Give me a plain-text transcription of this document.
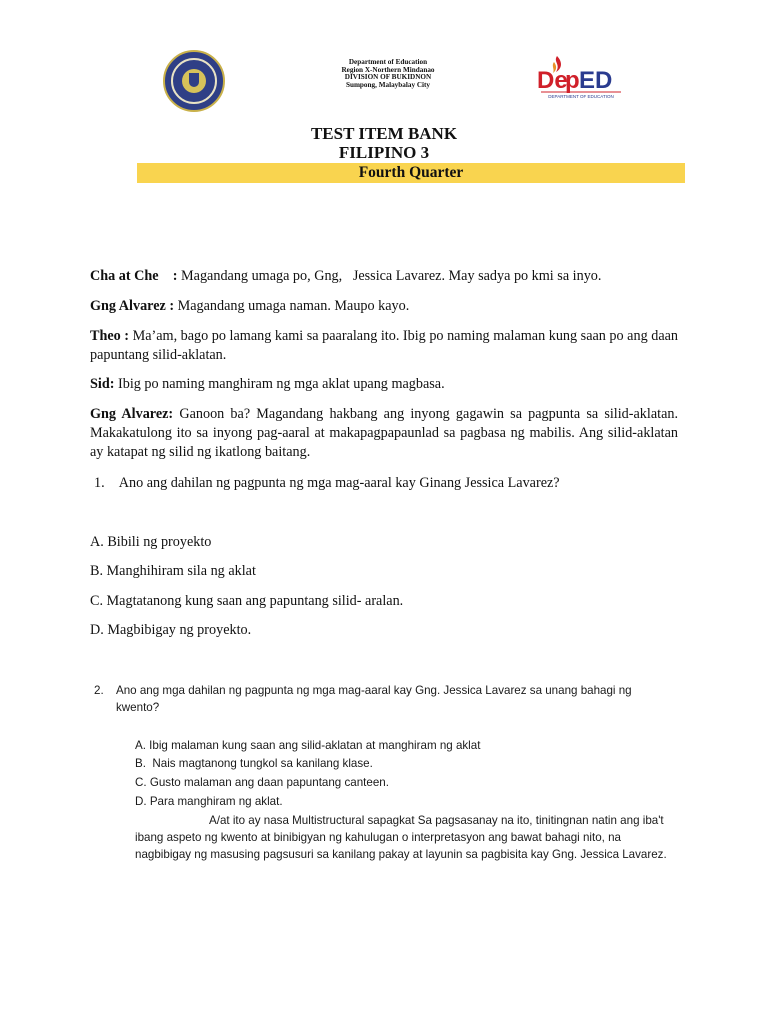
Department of Education
Region X-Northern Mindanao
DIVISION OF BUKIDNON
Sumpong, Malaybalay City	De
p ED
DEPARTMENT OF EDUCATION
TEST ITEM BANK
FILIPINO 3
Fourth Quarter
Cha at Che    : Magandang umaga po, Gng,   Jessica Lavarez. May sadya po kmi sa inyo.
Gng Alvarez : Magandang umaga naman. Maupo kayo.
Theo : Ma’am, bago po lamang kami sa paaralang ito. Ibig po naming malaman kung saan po ang daan papuntang silid-aklatan.
Sid: Ibig po naming manghiram ng mga aklat upang magbasa.
Gng Alvarez: Ganoon ba? Magandang hakbang ang inyong gagawin sa pagpunta sa silid-aklatan. Makakatulong ito sa inyong pag-aaral at makapagpapaunlad sa pagbasa ng mabilis. Ang silid-aklatan ay katapat ng silid ng ikatlong baitang.
1. Ano ang dahilan ng pagpunta ng mga mag-aaral kay Ginang Jessica Lavarez?
A. Bibili ng proyekto
B. Manghihiram sila ng aklat
C. Magtatanong kung saan ang papuntang silid- aralan.
D. Magbibigay ng proyekto.
2. Ano ang mga dahilan ng pagpunta ng mga mag-aaral kay Gng. Jessica Lavarez sa unang bahagi ng kwento?
A. Ibig malaman kung saan ang silid-aklatan at manghiram ng aklat
B.  Nais magtanong tungkol sa kanilang klase.
C. Gusto malaman ang daan papuntang canteen.
D. Para manghiram ng aklat.
A/at ito ay nasa Multistructural sapagkat Sa pagsasanay na ito, tinitingnan natin ang iba't ibang aspeto ng kwento at binibigyan ng kahulugan o interpretasyon ang bawat bahagi nito, na nagbibigay ng masusing pagsusuri sa kanilang pakay at layunin sa pagbisita kay Gng. Jessica Lavarez.
